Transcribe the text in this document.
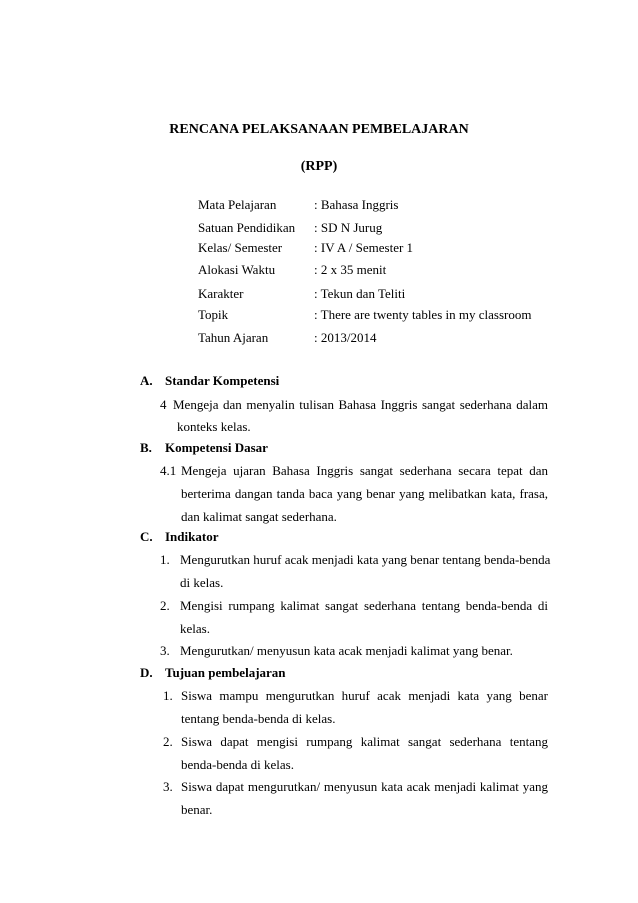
RENCANA PELAKSANAAN PEMBELAJARAN
(RPP)
Mata Pelajaran	: Bahasa Inggris
Satuan Pendidikan : SD N Jurug
Kelas/ Semester : IV A / Semester 1
Alokasi Waktu	: 2 x 35 menit
Karakter	: Tekun dan Teliti
Topik	: There are twenty tables in my classroom
Tahun Ajaran	: 2013/2014
A. Standar Kompetensi
4 Mengeja dan menyalin tulisan Bahasa Inggris sangat sederhana dalam
konteks kelas.
B. Kompetensi Dasar
4.1 Mengeja ujaran Bahasa Inggris sangat sederhana secara tepat dan
berterima dangan tanda baca yang benar yang melibatkan kata, frasa,
dan kalimat sangat sederhana.
C. Indikator
1. Mengurutkan huruf acak menjadi kata yang benar tentang benda-benda
di kelas.
2. Mengisi rumpang kalimat sangat sederhana tentang benda-benda di
kelas.
3. Mengurutkan/ menyusun kata acak menjadi kalimat yang benar.
D. Tujuan pembelajaran
1. Siswa mampu mengurutkan huruf acak menjadi kata yang benar
tentang benda-benda di kelas.
2. Siswa dapat mengisi rumpang kalimat sangat sederhana tentang
benda-benda di kelas.
3. Siswa dapat mengurutkan/ menyusun kata acak menjadi kalimat yang
benar.
